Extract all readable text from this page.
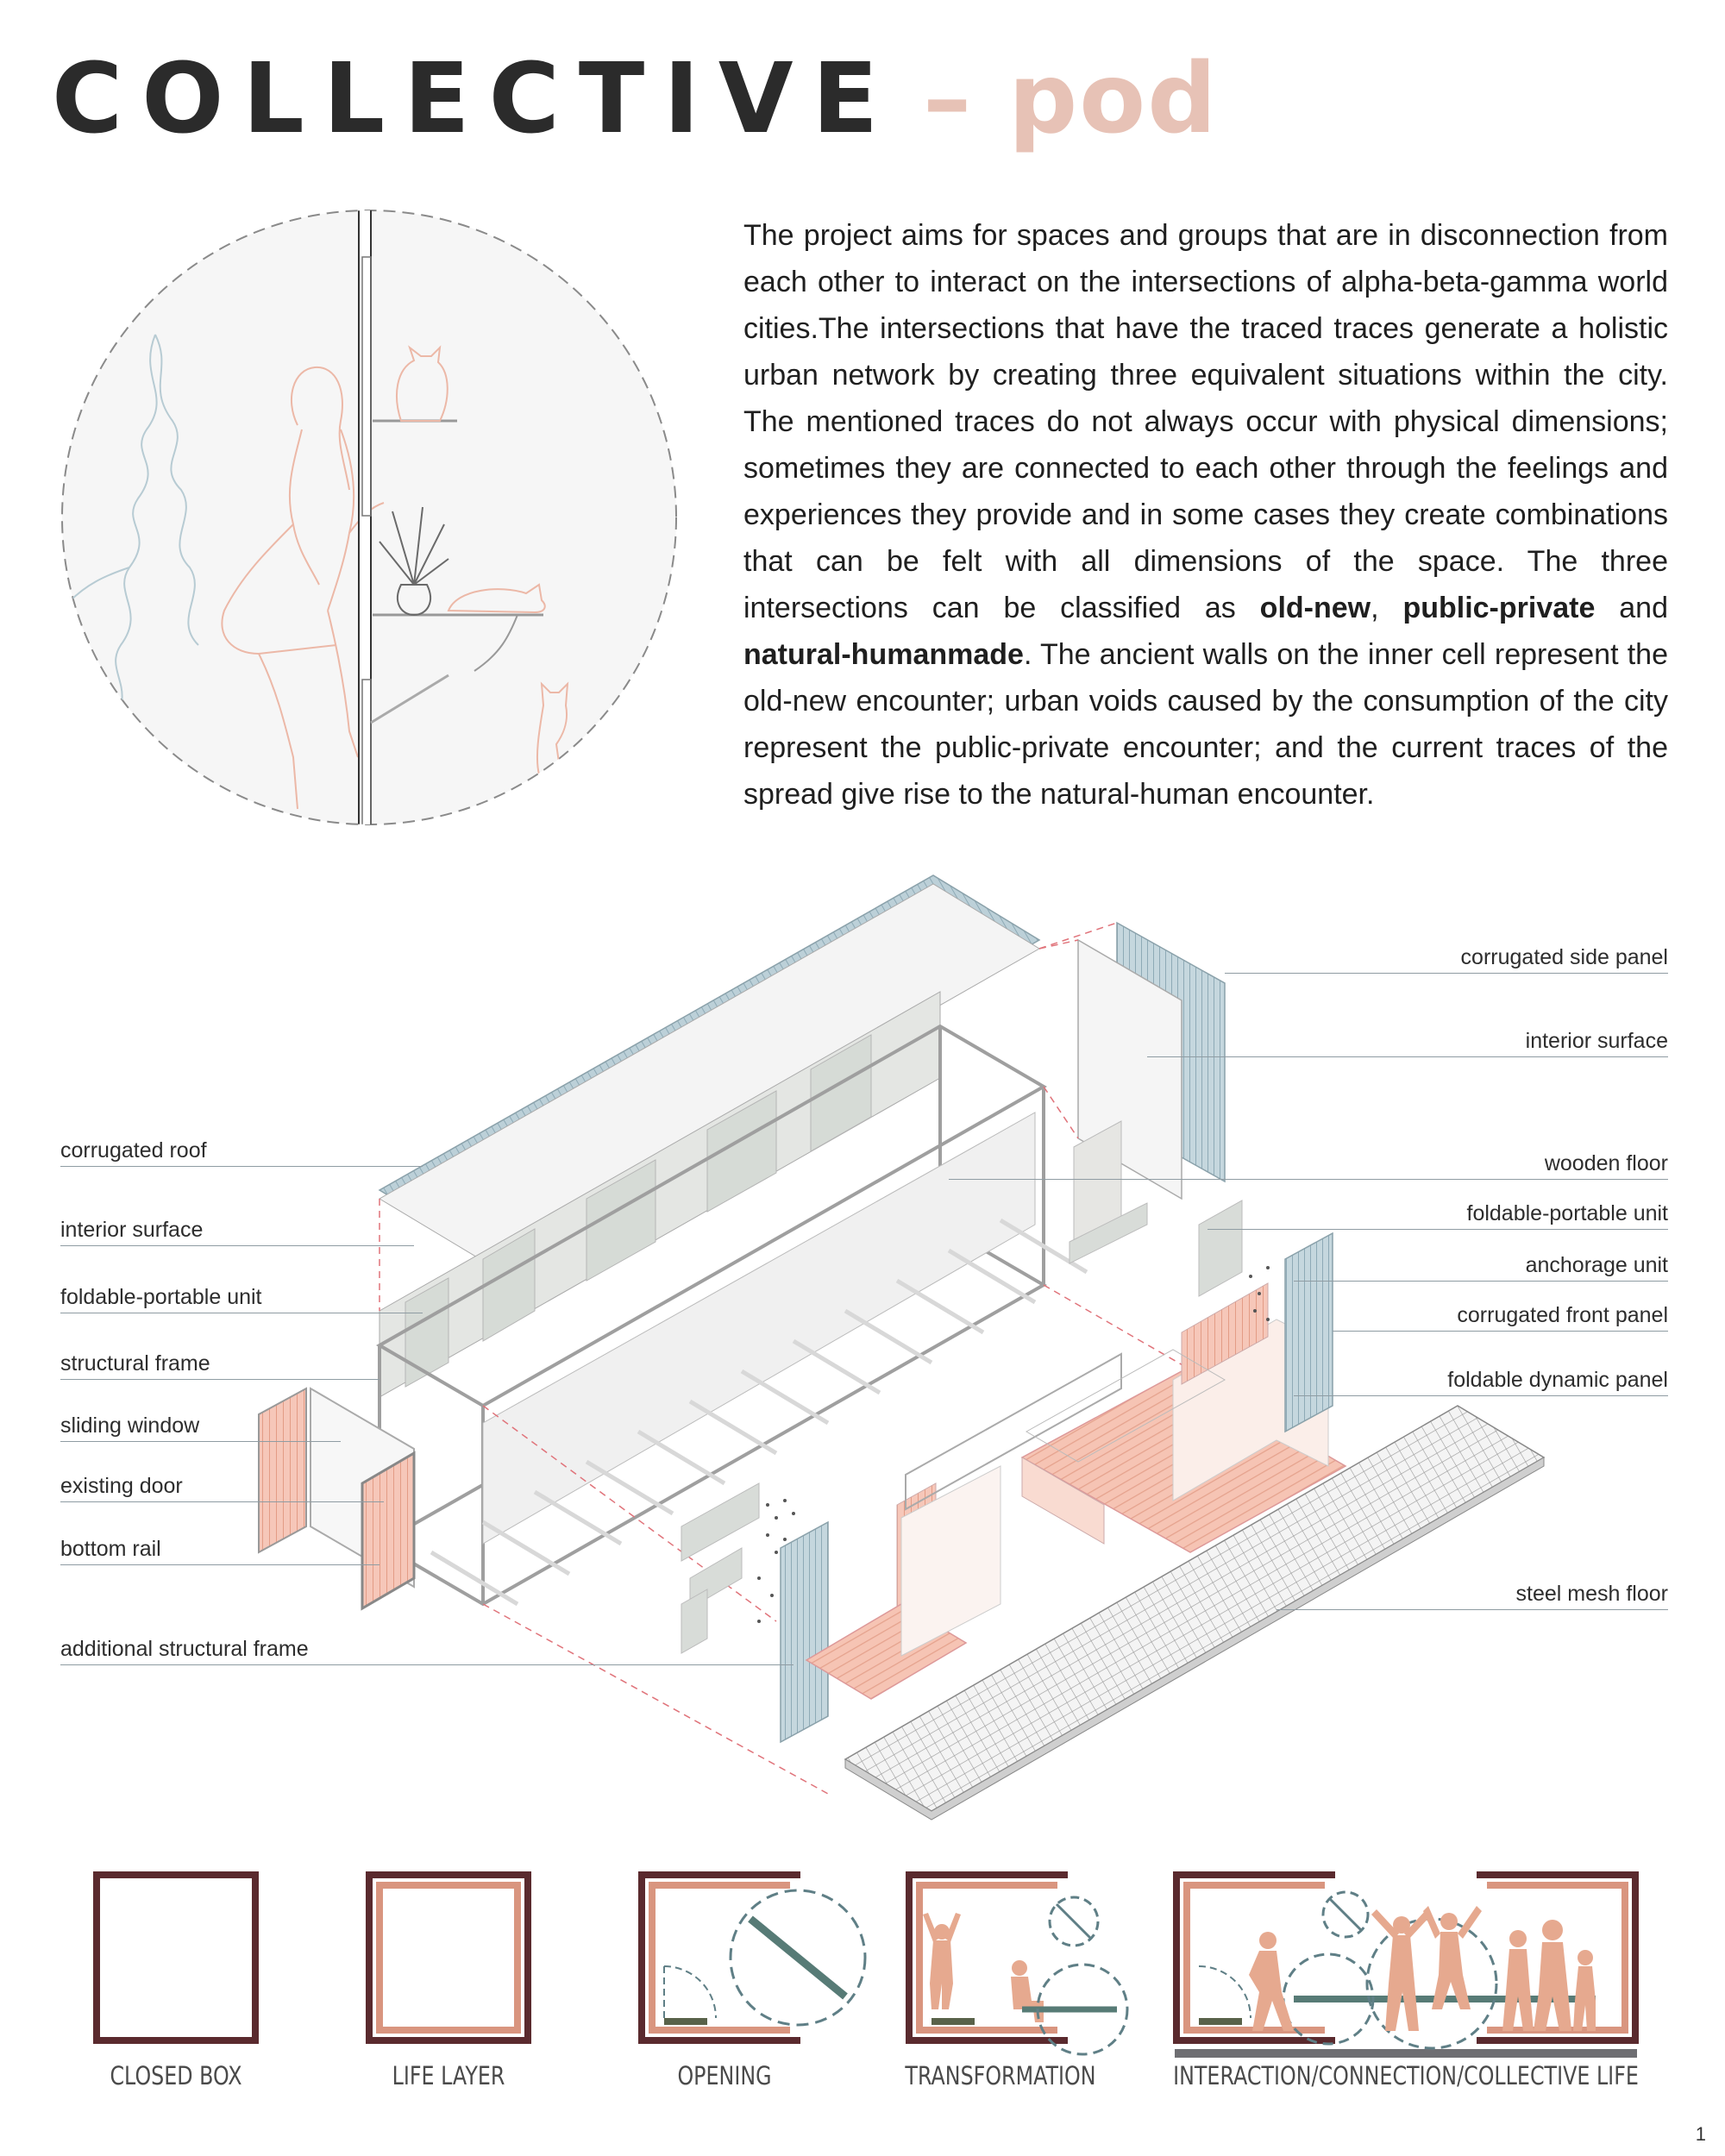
COLLECTIVE – pod
The project aims for spaces and groups that are in disconnection from each other to interact on the intersections of alpha-beta-gamma world cities.The intersections that have the traced traces generate a holistic urban network by creating three equivalent situations within the city. The mentioned traces do not always occur with physical dimensions; sometimes they are connected to each other through the feelings and experiences they provide and in some cases they create combinations that can be felt with all dimensions of the space. The three intersections can be classified as old-new, public-private and natural-humanmade. The ancient walls on the inner cell represent the old-new encounter; urban voids caused by the consumption of the city represent the public-private encounter; and the current traces of the spread give rise to the natural-human encounter.
corrugated roof
interior surface
foldable-portable unit
structural frame
sliding window
existing door
bottom rail
additional structural frame
corrugated side panel
interior surface
wooden floor
foldable-portable unit
anchorage unit
corrugated front panel
foldable dynamic panel
steel mesh floor
CLOSED BOX	LIFE LAYER	OPENING	TRANSFORMATION	INTERACTION/CONNECTION/COLLECTIVE LIFE
1
